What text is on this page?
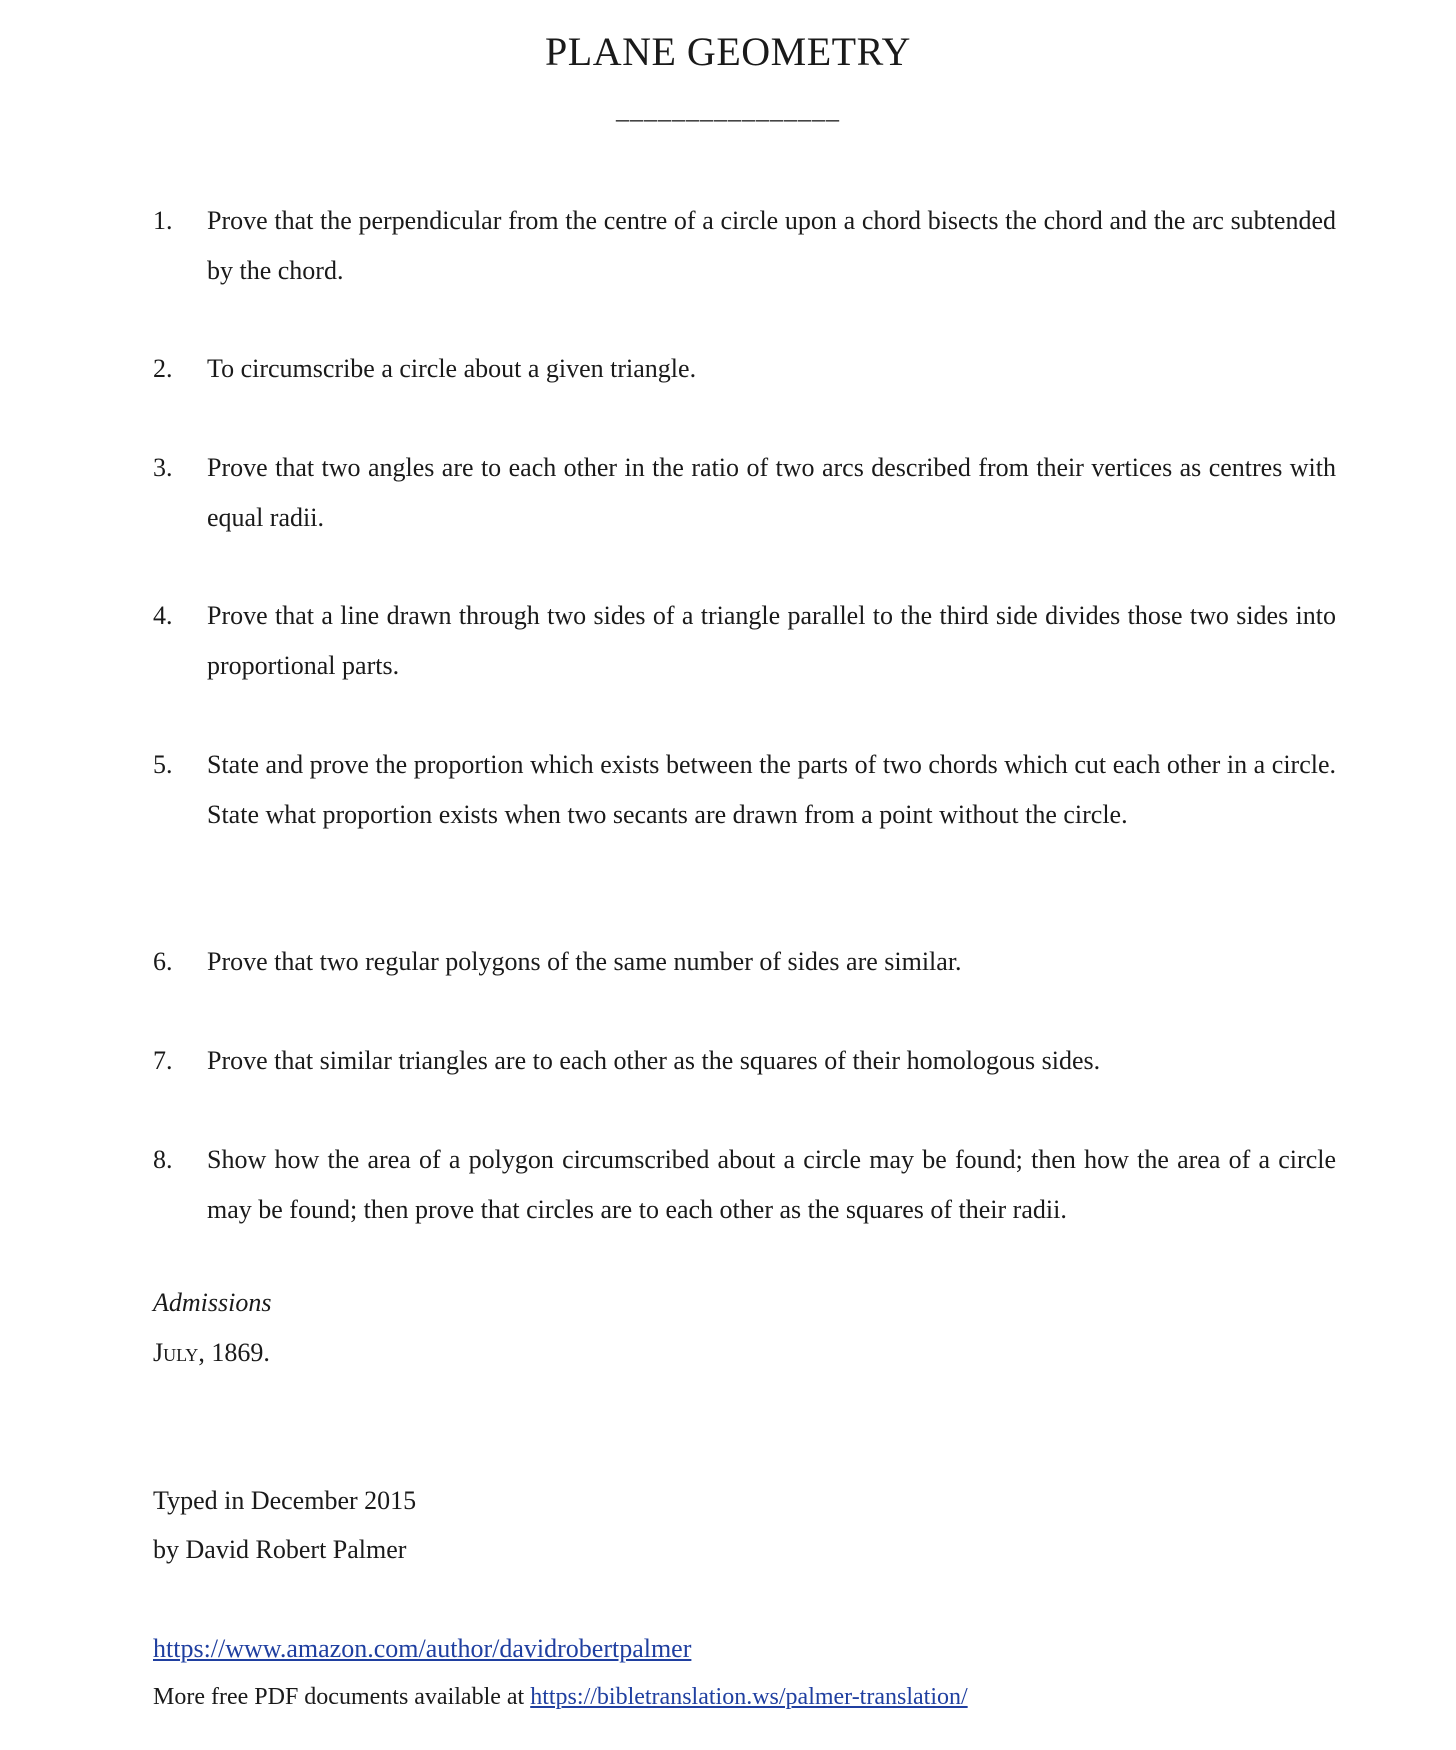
PLANE GEOMETRY
________________
1.	Prove that the perpendicular from the centre of a circle upon a chord bisects the chord and the arc subtended by the chord.
2.	To circumscribe a circle about a given triangle.
3.	Prove that two angles are to each other in the ratio of two arcs described from their vertices as centres with equal radii.
4.	Prove that a line drawn through two sides of a triangle parallel to the third side divides those two sides into proportional parts.
5.	State and prove the proportion which exists between the parts of two chords which cut each other in a circle.  State what proportion exists when two secants are drawn from a point without the circle.
6.	Prove that two regular polygons of the same number of sides are similar.
7.	Prove that similar triangles are to each other as the squares of their homologous sides.
8.	Show how the area of a polygon circumscribed about a circle may be found; then how the area of a circle may be found; then prove that circles are to each other as the squares of their radii.
Admissions
July, 1869.
Typed in December 2015
by David Robert Palmer
https://www.amazon.com/author/davidrobertpalmer
More free PDF documents available at https://bibletranslation.ws/palmer-translation/
